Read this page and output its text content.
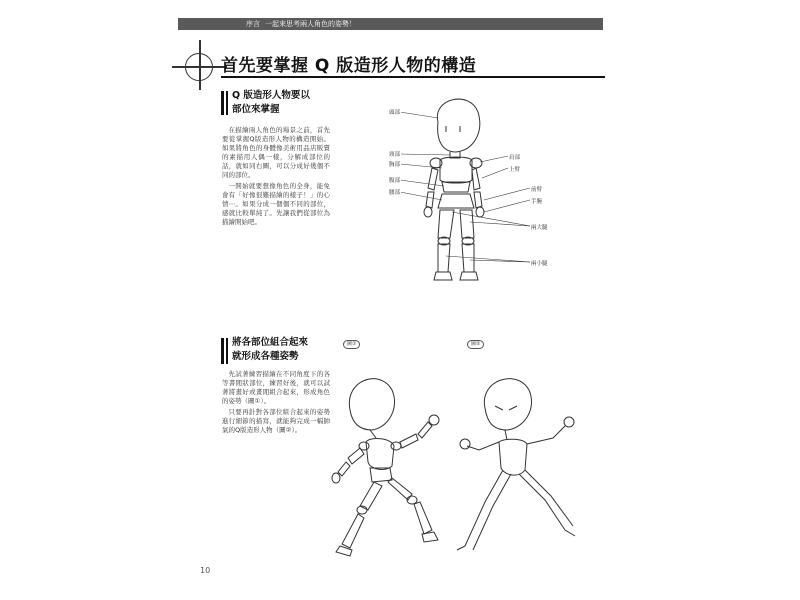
序言 一起來思考兩人角色的姿勢！
首先要掌握 Q 版造形人物的構造
Q 版造形人物要以
部位來掌握

在描繪兩人角色的場景之前，首先要從掌握Q版造形人物的構造開始。如果將角色的身體像美術用品店販賣的素描用人偶一樣，分解成部位的話，就如同右圖，可以分成好幾個不同的部位。

一開始就要想像角色的全身，能免會有「好像很難描繪的樣子！」的心情⋯。如果分成一個個不同的部位，感就比較單純了。先讓我們從部位為描繪開始吧。

頭部
頸部
胸部
腹部
腰部
肩部
上臂
前臂
手腕
兩大腿
兩小腿
將各部位組合起來
就形成各種姿勢

先試著練習描繪在不同角度下的各等書閒狀部位，練習好後，就可以試著將畫好或畫閒組合起來，形成角色的姿勢（圖①）。

只要再針對各部位組合起來的姿勢進行細節的描寫，就能夠完成一幅帥氣的Q版造形人物（圖②）。

圖①	圖②
10
